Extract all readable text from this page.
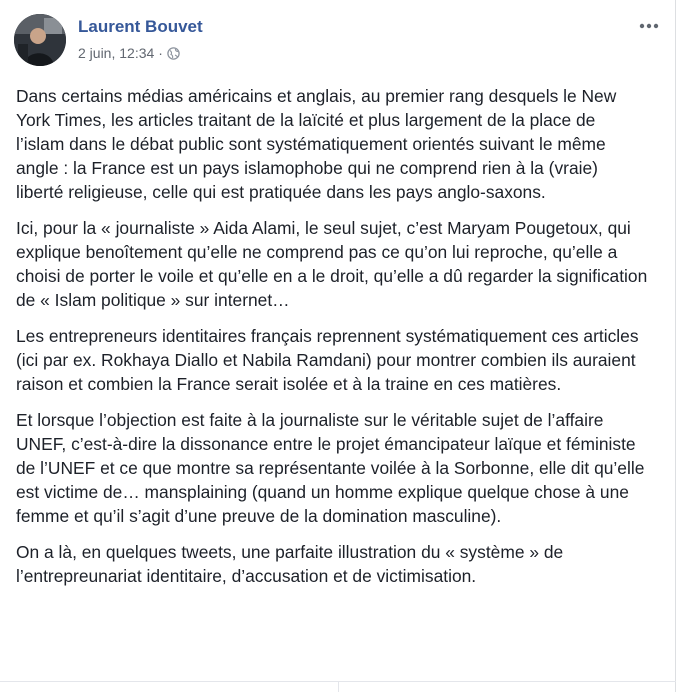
Laurent Bouvet
2 juin, 12:34 ·

Dans certains médias américains et anglais, au premier rang desquels le New York Times, les articles traitant de la laïcité et plus largement de la place de l’islam dans le débat public sont systématiquement orientés suivant le même angle : la France est un pays islamophobe qui ne comprend rien à la (vraie) liberté religieuse, celle qui est pratiquée dans les pays anglo-saxons.

Ici, pour la « journaliste » Aida Alami, le seul sujet, c’est Maryam Pougetoux, qui explique benoîtement qu’elle ne comprend pas ce qu’on lui reproche, qu’elle a choisi de porter le voile et qu’elle en a le droit, qu’elle a dû regarder la signification de « Islam politique » sur internet…

Les entrepreneurs identitaires français reprennent systématiquement ces articles (ici par ex. Rokhaya Diallo et Nabila Ramdani) pour montrer combien ils auraient raison et combien la France serait isolée et à la traine en ces matières.

Et lorsque l’objection est faite à la journaliste sur le véritable sujet de l’affaire UNEF, c’est-à-dire la dissonance entre le projet émancipateur laïque et féministe de l’UNEF et ce que montre sa représentante voilée à la Sorbonne, elle dit qu’elle est victime de… mansplaining (quand un homme explique quelque chose à une femme et qu’il s’agit d’une preuve de la domination masculine).

On a là, en quelques tweets, une parfaite illustration du « système » de l’entrepreunariat identitaire, d’accusation et de victimisation.
